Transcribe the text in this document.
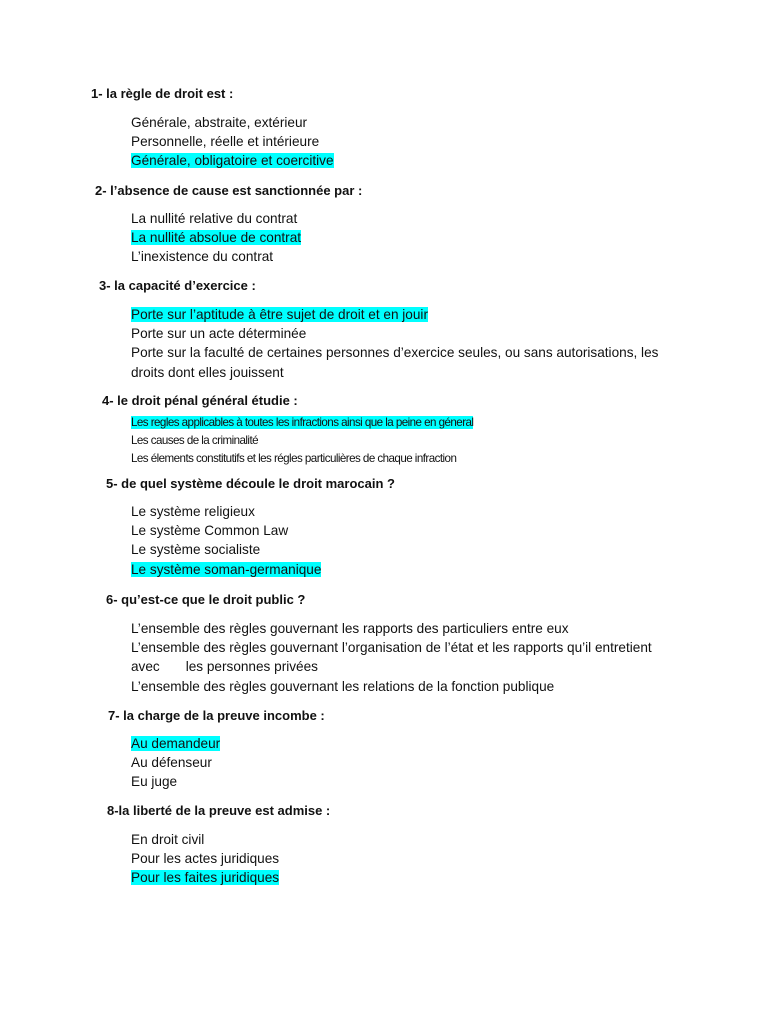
1- la règle de droit est :

Générale, abstraite, extérieur
Personnelle, réelle et intérieure
Générale, obligatoire et coercitive

2- l’absence de cause est sanctionnée par :

La nullité relative du contrat
La nullité absolue de contrat
L’inexistence du contrat

3- la capacité d’exercice :

Porte sur l’aptitude à être sujet de droit et en jouir
Porte sur un acte déterminée
Porte sur la faculté de certaines personnes d’exercice seules, ou sans autorisations, les droits dont elles jouissent

4- le droit pénal général étudie :

Les regles applicables à toutes les infractions ainsi que la peine en géneral
Les causes de la criminalité
Les élements constitutifs et les régles particulières de chaque infraction

5- de quel système découle le droit marocain ?

Le système religieux
Le système Common Law
Le système socialiste
Le système soman-germanique

6- qu’est-ce que le droit public ?

L’ensemble des règles gouvernant les rapports des particuliers entre eux
L’ensemble des règles gouvernant l’organisation de l’état et les rapports qu’il entretient
avec les personnes privées
L’ensemble des règles gouvernant les relations de la fonction publique

7- la charge de la preuve incombe :

Au demandeur
Au défenseur
Eu juge

8-la liberté de la preuve est admise :

En droit civil
Pour les actes juridiques
Pour les faites juridiques
